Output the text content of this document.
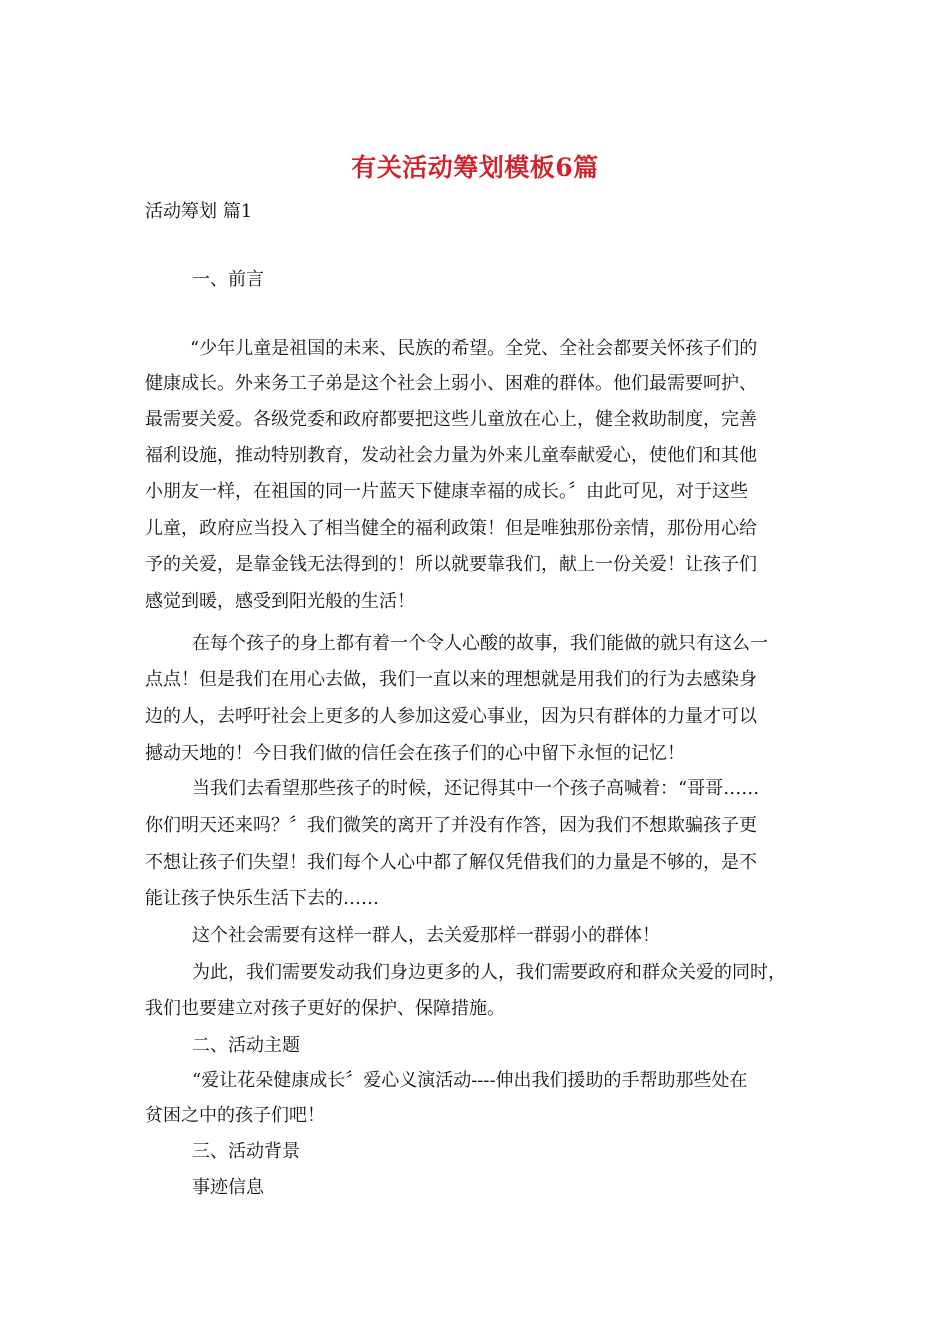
有关活动筹划模板6篇
活动筹划 篇1
一、前言
“少年儿童是祖国的未来、民族的希望。全党、全社会都要关怀孩子们的
健康成长。外来务工子弟是这个社会上弱小、困难的群体。他们最需要呵护、
最需要关爱。各级党委和政府都要把这些儿童放在心上，健全救助制度，完善
福利设施，推动特别教育，发动社会力量为外来儿童奉献爱心，使他们和其他
小朋友一样，在祖国的同一片蓝天下健康幸福的成长。〞由此可见，对于这些
儿童，政府应当投入了相当健全的福利政策！但是唯独那份亲情，那份用心给
予的关爱，是靠金钱无法得到的！所以就要靠我们，献上一份关爱！让孩子们
感觉到暖，感受到阳光般的生活！
在每个孩子的身上都有着一个令人心酸的故事，我们能做的就只有这么一
点点！但是我们在用心去做，我们一直以来的理想就是用我们的行为去感染身
边的人，去呼吁社会上更多的人参加这爱心事业，因为只有群体的力量才可以
撼动天地的！今日我们做的信任会在孩子们的心中留下永恒的记忆！
当我们去看望那些孩子的时候，还记得其中一个孩子高喊着：“哥哥……
你们明天还来吗？〞我们微笑的离开了并没有作答，因为我们不想欺骗孩子更
不想让孩子们失望！我们每个人心中都了解仅凭借我们的力量是不够的，是不
能让孩子快乐生活下去的……
这个社会需要有这样一群人，去关爱那样一群弱小的群体！
为此，我们需要发动我们身边更多的人，我们需要政府和群众关爱的同时，
我们也要建立对孩子更好的保护、保障措施。
二、活动主题
“爱让花朵健康成长〞爱心义演活动----伸出我们援助的手帮助那些处在
贫困之中的孩子们吧！
三、活动背景
事迹信息
